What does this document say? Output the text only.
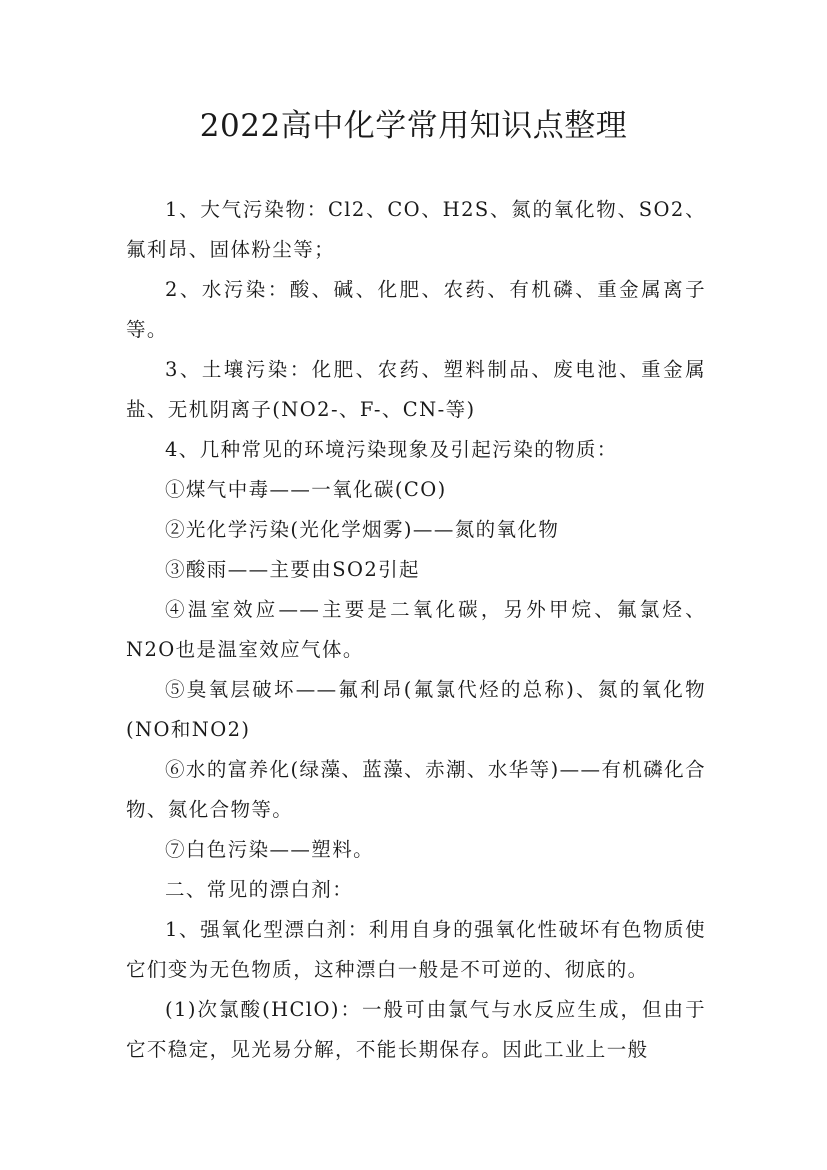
2022高中化学常用知识点整理

1、大气污染物：Cl2、CO、H2S、氮的氧化物、SO2、氟利昂、固体粉尘等；

2、水污染：酸、碱、化肥、农药、有机磷、重金属离子等。

3、土壤污染：化肥、农药、塑料制品、废电池、重金属盐、无机阴离子(NO2-、F-、CN-等)

4、几种常见的环境污染现象及引起污染的物质：

①煤气中毒——一氧化碳(CO)

②光化学污染(光化学烟雾)——氮的氧化物

③酸雨——主要由SO2引起

④温室效应——主要是二氧化碳，另外甲烷、氟氯烃、N2O也是温室效应气体。

⑤臭氧层破坏——氟利昂(氟氯代烃的总称)、氮的氧化物(NO和NO2)

⑥水的富养化(绿藻、蓝藻、赤潮、水华等)——有机磷化合物、氮化合物等。

⑦白色污染——塑料。

二、常见的漂白剂：

1、强氧化型漂白剂：利用自身的强氧化性破坏有色物质使它们变为无色物质，这种漂白一般是不可逆的、彻底的。

(1)次氯酸(HClO)：一般可由氯气与水反应生成，但由于它不稳定，见光易分解，不能长期保存。因此工业上一般
